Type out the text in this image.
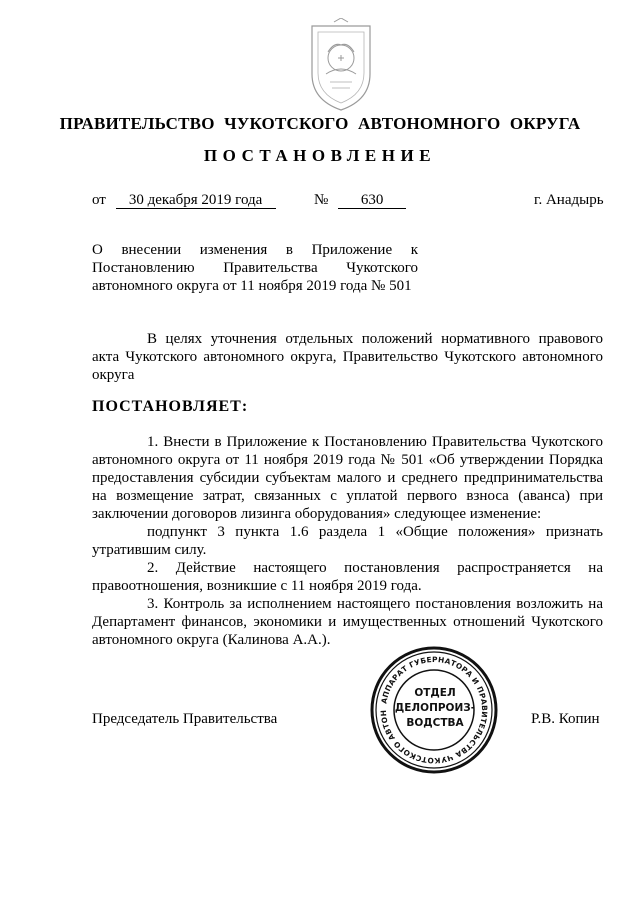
ПРАВИТЕЛЬСТВО ЧУКОТСКОГО АВТОНОМНОГО ОКРУГА
ПОСТАНОВЛЕНИЕ
от 30 декабря 2019 года	№ 630	г. Анадырь

О внесении изменения в Приложение к

Постановлению Правительства Чукотского

автономного округа от 11 ноября 2019 года № 501

В целях уточнения отдельных положений нормативного правового акта Чукотского автономного округа, Правительство Чукотского автономного округа

ПОСТАНОВЛЯЕТ:

1. Внести в Приложение к Постановлению Правительства Чукотского автономного округа от 11 ноября 2019 года № 501 «Об утверждении Порядка предоставления субсидии субъектам малого и среднего предпринимательства на возмещение затрат, связанных с уплатой первого взноса (аванса) при заключении договоров лизинга оборудования» следующее изменение:

подпункт 3 пункта 1.6 раздела 1 «Общие положения» признать утратившим силу.

2. Действие настоящего постановления распространяется на правоотношения, возникшие с 11 ноября 2019 года.

3. Контроль за исполнением настоящего постановления возложить на Департамент финансов, экономики и имущественных отношений Чукотского автономного округа (Калинова А.А.).

АППАРАТ ГУБЕРНАТОРА И ПРАВИТЕЛЬСТВА ЧУКОТСКОГО АВТОН
ОТДЕЛ
ДЕЛОПРОИЗ-
ВОДСТВА
Председатель Правительства	Р.В. Копин
